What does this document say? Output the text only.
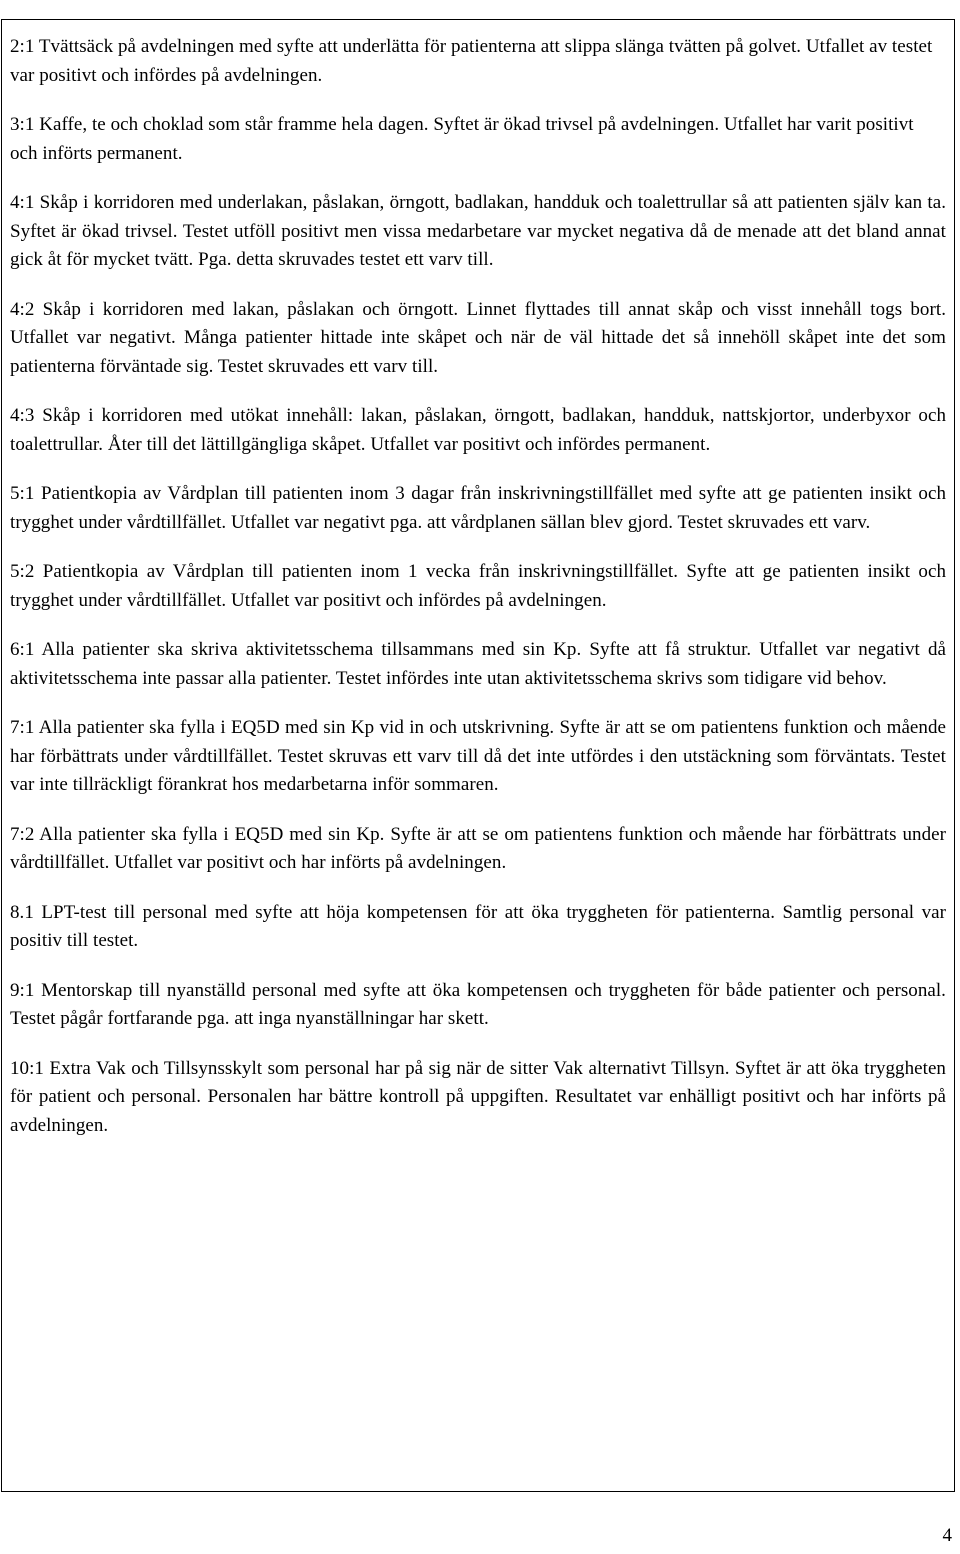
2:1 Tvättsäck på avdelningen med syfte att underlätta för patienterna att slippa slänga tvätten på golvet. Utfallet av testet var positivt och infördes på avdelningen.

3:1 Kaffe, te och choklad som står framme hela dagen. Syftet är ökad trivsel på avdelningen. Utfallet har varit positivt och införts permanent.

4:1 Skåp i korridoren med underlakan, påslakan, örngott, badlakan, handduk och toalettrullar så att patienten själv kan ta. Syftet är ökad trivsel. Testet utföll positivt men vissa medarbetare var mycket negativa då de menade att det bland annat gick åt för mycket tvätt. Pga. detta skruvades testet ett varv till.

4:2 Skåp i korridoren med lakan, påslakan och örngott. Linnet flyttades till annat skåp och visst innehåll togs bort. Utfallet var negativt. Många patienter hittade inte skåpet och när de väl hittade det så innehöll skåpet inte det som patienterna förväntade sig. Testet skruvades ett varv till.

4:3 Skåp i korridoren med utökat innehåll: lakan, påslakan, örngott, badlakan, handduk, nattskjortor, underbyxor och toalettrullar. Åter till det lättillgängliga skåpet. Utfallet var positivt och infördes permanent.

5:1 Patientkopia av Vårdplan till patienten inom 3 dagar från inskrivningstillfället med syfte att ge patienten insikt och trygghet under vårdtillfället. Utfallet var negativt pga. att vårdplanen sällan blev gjord. Testet skruvades ett varv.

5:2 Patientkopia av Vårdplan till patienten inom 1 vecka från inskrivningstillfället. Syfte att ge patienten insikt och trygghet under vårdtillfället. Utfallet var positivt och infördes på avdelningen.

6:1 Alla patienter ska skriva aktivitetsschema tillsammans med sin Kp. Syfte att få struktur. Utfallet var negativt då aktivitetsschema inte passar alla patienter. Testet infördes inte utan aktivitetsschema skrivs som tidigare vid behov.

7:1 Alla patienter ska fylla i EQ5D med sin Kp vid in och utskrivning. Syfte är att se om patientens funktion och mående har förbättrats under vårdtillfället. Testet skruvas ett varv till då det inte utfördes i den utstäckning som förväntats. Testet var inte tillräckligt förankrat hos medarbetarna inför sommaren.

7:2 Alla patienter ska fylla i EQ5D med sin Kp. Syfte är att se om patientens funktion och mående har förbättrats under vårdtillfället. Utfallet var positivt och har införts på avdelningen.

8.1 LPT-test till personal med syfte att höja kompetensen för att öka tryggheten för patienterna. Samtlig personal var positiv till testet.

9:1 Mentorskap till nyanställd personal med syfte att öka kompetensen och tryggheten för både patienter och personal. Testet pågår fortfarande pga. att inga nyanställningar har skett.

10:1 Extra Vak och Tillsynsskylt som personal har på sig när de sitter Vak alternativt Tillsyn. Syftet är att öka tryggheten för patient och personal. Personalen har bättre kontroll på uppgiften. Resultatet var enhälligt positivt och har införts på avdelningen.

4
